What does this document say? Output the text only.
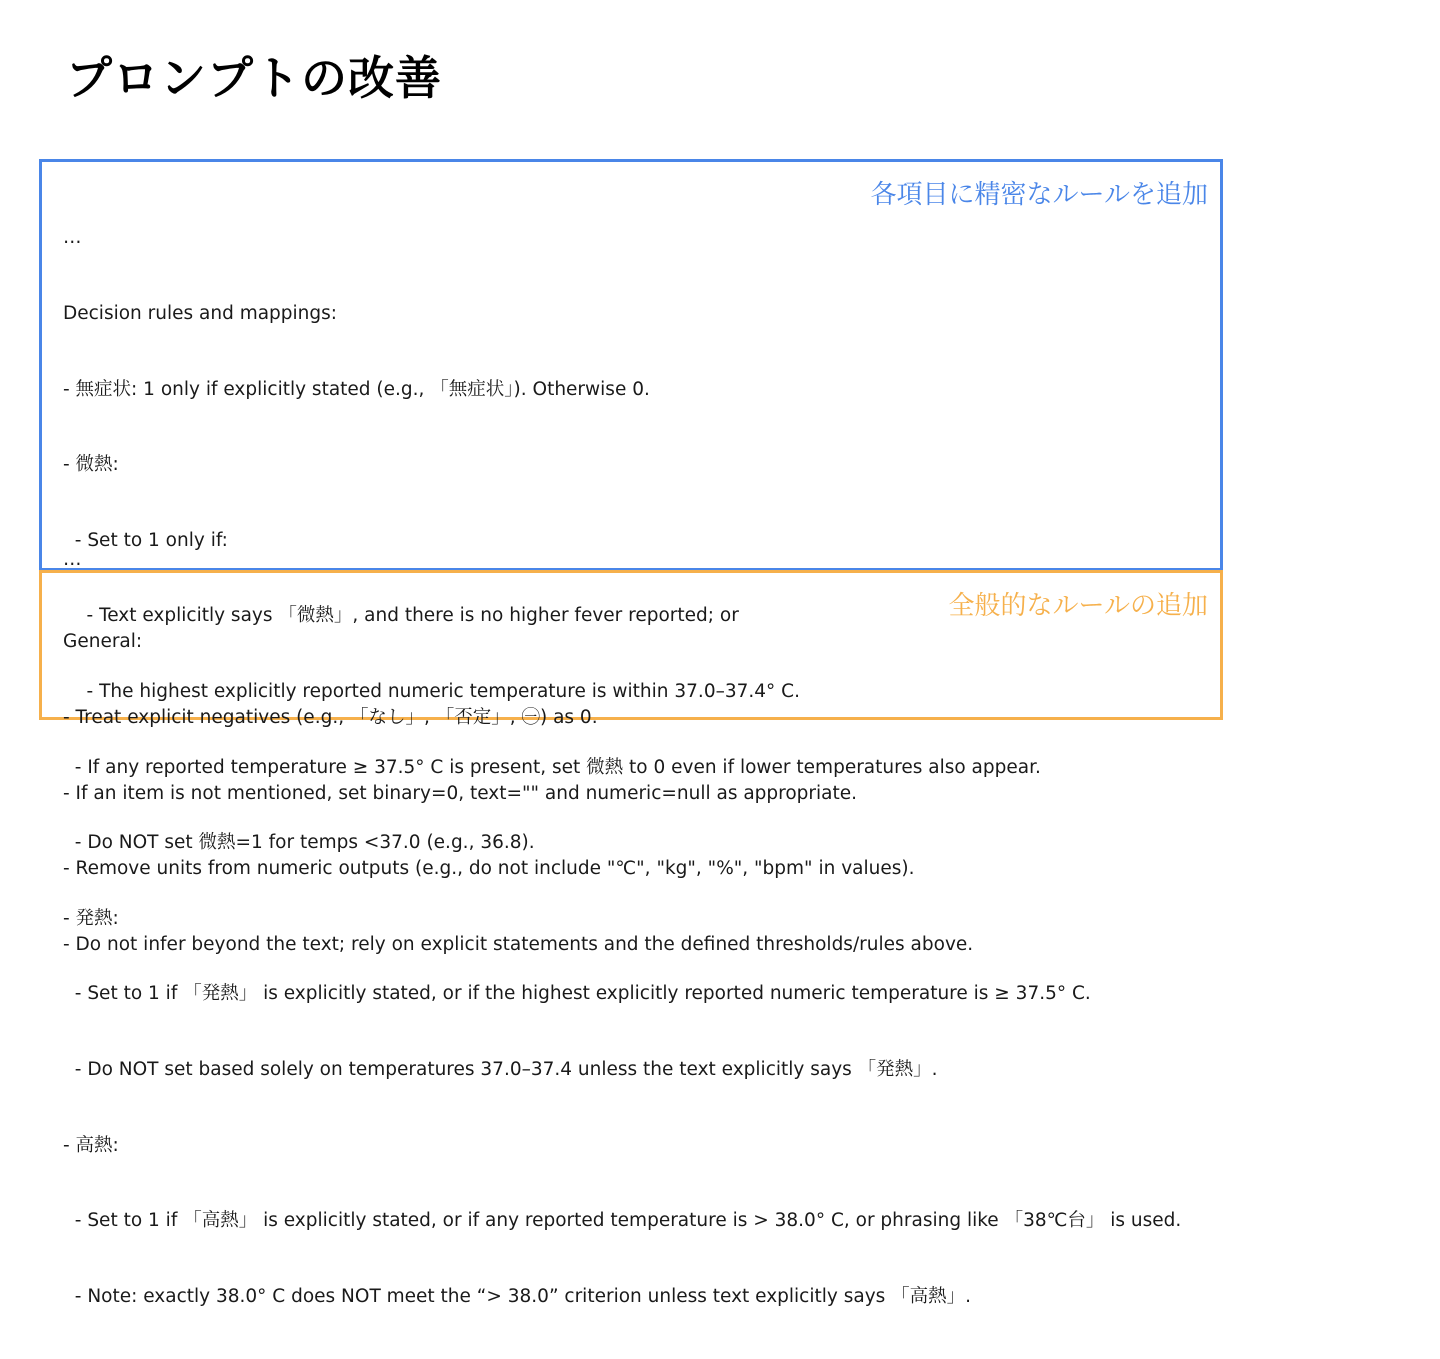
プロンプトの改善

…

Decision rules and mappings:

- 無症状: 1 only if explicitly stated (e.g., 「無症状」). Otherwise 0.

- 微熱:

- Set to 1 only if:

- Text explicitly says 「微熱」, and there is no higher fever reported; or

- The highest explicitly reported numeric temperature is within 37.0–37.4° C.

- If any reported temperature ≥ 37.5° C is present, set 微熱 to 0 even if lower temperatures also appear.

- Do NOT set 微熱=1 for temps <37.0 (e.g., 36.8).

- 発熱:

- Set to 1 if 「発熱」 is explicitly stated, or if the highest explicitly reported numeric temperature is ≥ 37.5° C.

- Do NOT set based solely on temperatures 37.0–37.4 unless the text explicitly says 「発熱」.

- 高熱:

- Set to 1 if 「高熱」 is explicitly stated, or if any reported temperature is > 38.0° C, or phrasing like 「38℃台」 is used.

- Note: exactly 38.0° C does NOT meet the “> 38.0” criterion unless text explicitly says 「高熱」.

…
各項目に精密なルールを追加

General:

- Treat explicit negatives (e.g., 「なし」, 「否定」, ㊀) as 0.

- If an item is not mentioned, set binary=0, text="" and numeric=null as appropriate.

- Remove units from numeric outputs (e.g., do not include "℃", "kg", "%", "bpm" in values).

- Do not infer beyond the text; rely on explicit statements and the defined thresholds/rules above.

全般的なルールの追加
